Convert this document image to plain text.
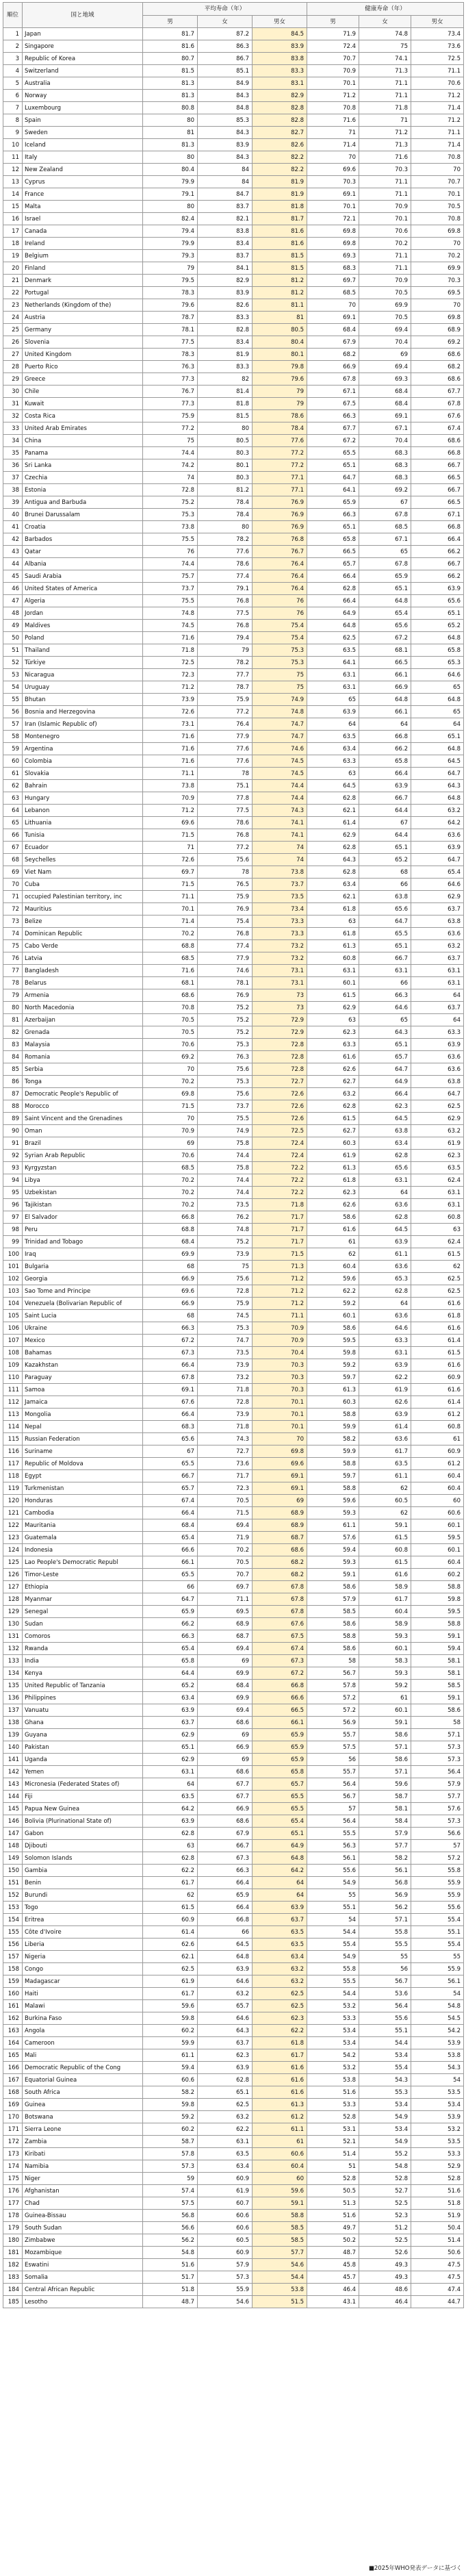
順位	国と地域	平均寿命（年）			健康寿命（年）		
		男	女	男女	男	女	男女
1	Japan	81.7	87.2	84.5	71.9	74.8	73.4
2	Singapore	81.6	86.3	83.9	72.4	75	73.6
3	Republic of Korea	80.7	86.7	83.8	70.7	74.1	72.5
4	Switzerland	81.5	85.1	83.3	70.9	71.3	71.1
5	Australia	81.3	84.9	83.1	70.1	71.1	70.6
6	Norway	81.3	84.3	82.9	71.2	71.1	71.2
7	Luxembourg	80.8	84.8	82.8	70.8	71.8	71.4
8	Spain	80	85.3	82.8	71.6	71	71.2
9	Sweden	81	84.3	82.7	71	71.2	71.1
10	Iceland	81.3	83.9	82.6	71.4	71.3	71.4
11	Italy	80	84.3	82.2	70	71.6	70.8
12	New Zealand	80.4	84	82.2	69.6	70.3	70
13	Cyprus	79.9	84	81.9	70.3	71.1	70.7
14	France	79.1	84.7	81.9	69.1	71.1	70.1
15	Malta	80	83.7	81.8	70.1	70.9	70.5
16	Israel	82.4	82.1	81.7	72.1	70.1	70.8
17	Canada	79.4	83.8	81.6	69.8	70.6	69.8
18	Ireland	79.9	83.4	81.6	69.8	70.2	70
19	Belgium	79.3	83.7	81.5	69.3	71.1	70.2
20	Finland	79	84.1	81.5	68.3	71.1	69.9
21	Denmark	79.5	82.9	81.2	69.7	70.9	70.3
22	Portugal	78.3	83.9	81.2	68.5	70.5	69.5
23	Netherlands (Kingdom of the)	79.6	82.6	81.1	70	69.9	70
24	Austria	78.7	83.3	81	69.1	70.5	69.8
25	Germany	78.1	82.8	80.5	68.4	69.4	68.9
26	Slovenia	77.5	83.4	80.4	67.9	70.4	69.2
27	United Kingdom	78.3	81.9	80.1	68.2	69	68.6
28	Puerto Rico	76.3	83.3	79.8	66.9	69.4	68.2
29	Greece	77.3	82	79.6	67.8	69.3	68.6
30	Chile	76.7	81.4	79	67.1	68.4	67.7
31	Kuwait	77.3	81.8	79	67.5	68.4	67.8
32	Costa Rica	75.9	81.5	78.6	66.3	69.1	67.6
33	United Arab Emirates	77.2	80	78.4	67.7	67.1	67.4
34	China	75	80.5	77.6	67.2	70.4	68.6
35	Panama	74.4	80.3	77.2	65.5	68.3	66.8
36	Sri Lanka	74.2	80.1	77.2	65.1	68.3	66.7
37	Czechia	74	80.3	77.1	64.7	68.3	66.5
38	Estonia	72.8	81.2	77.1	64.1	69.2	66.7
39	Antigua and Barbuda	75.2	78.4	76.9	65.9	67	66.5
40	Brunei Darussalam	75.3	78.4	76.9	66.3	67.8	67.1
41	Croatia	73.8	80	76.9	65.1	68.5	66.8
42	Barbados	75.5	78.2	76.8	65.8	67.1	66.4
43	Qatar	76	77.6	76.7	66.5	65	66.2
44	Albania	74.4	78.6	76.4	65.7	67.8	66.7
45	Saudi Arabia	75.7	77.4	76.4	66.4	65.9	66.2
46	United States of America	73.7	79.1	76.4	62.8	65.1	63.9
47	Algeria	75.5	76.8	76	66.4	64.8	65.6
48	Jordan	74.8	77.5	76	64.9	65.4	65.1
49	Maldives	74.5	76.8	75.4	64.8	65.6	65.2
50	Poland	71.6	79.4	75.4	62.5	67.2	64.8
51	Thailand	71.8	79	75.3	63.5	68.1	65.8
52	Türkiye	72.5	78.2	75.3	64.1	66.5	65.3
53	Nicaragua	72.3	77.7	75	63.1	66.1	64.6
54	Uruguay	71.2	78.7	75	63.1	66.9	65
55	Bhutan	73.9	75.9	74.9	65	64.8	64.8
56	Bosnia and Herzegovina	72.6	77.2	74.8	63.9	66.1	65
57	Iran (Islamic Republic of)	73.1	76.4	74.7	64	64	64
58	Montenegro	71.6	77.9	74.7	63.5	66.8	65.1
59	Argentina	71.6	77.6	74.6	63.4	66.2	64.8
60	Colombia	71.6	77.6	74.5	63.3	65.8	64.5
61	Slovakia	71.1	78	74.5	63	66.4	64.7
62	Bahrain	73.8	75.1	74.4	64.5	63.9	64.3
63	Hungary	70.9	77.8	74.4	62.8	66.7	64.8
64	Lebanon	71.2	77.5	74.3	62.1	64.4	63.2
65	Lithuania	69.6	78.6	74.1	61.4	67	64.2
66	Tunisia	71.5	76.8	74.1	62.9	64.4	63.6
67	Ecuador	71	77.2	74	62.8	65.1	63.9
68	Seychelles	72.6	75.6	74	64.3	65.2	64.7
69	Viet Nam	69.7	78	73.8	62.8	68	65.4
70	Cuba	71.5	76.5	73.7	63.4	66	64.6
71	occupied Palestinian territory, inc	71.1	75.9	73.5	62.1	63.8	62.9
72	Mauritius	70.1	76.9	73.4	61.8	65.6	63.7
73	Belize	71.4	75.4	73.3	63	64.7	63.8
74	Dominican Republic	70.2	76.8	73.3	61.8	65.5	63.6
75	Cabo Verde	68.8	77.4	73.2	61.3	65.1	63.2
76	Latvia	68.5	77.9	73.2	60.8	66.7	63.7
77	Bangladesh	71.6	74.6	73.1	63.1	63.1	63.1
78	Belarus	68.1	78.1	73.1	60.1	66	63.1
79	Armenia	68.6	76.9	73	61.5	66.3	64
80	North Macedonia	70.8	75.2	73	62.9	64.6	63.7
81	Azerbaijan	70.5	75.2	72.9	63	65	64
82	Grenada	70.5	75.2	72.9	62.3	64.3	63.3
83	Malaysia	70.6	75.3	72.8	63.3	65.1	63.9
84	Romania	69.2	76.3	72.8	61.6	65.7	63.6
85	Serbia	70	75.6	72.8	62.6	64.7	63.6
86	Tonga	70.2	75.3	72.7	62.7	64.9	63.8
87	Democratic People's Republic of	69.8	75.6	72.6	63.2	66.4	64.7
88	Morocco	71.5	73.7	72.6	62.8	62.3	62.5
89	Saint Vincent and the Grenadines	70	75.5	72.6	61.5	64.5	62.9
90	Oman	70.9	74.9	72.5	62.7	63.8	63.2
91	Brazil	69	75.8	72.4	60.3	63.4	61.9
92	Syrian Arab Republic	70.6	74.4	72.4	61.9	62.8	62.3
93	Kyrgyzstan	68.5	75.8	72.2	61.3	65.6	63.5
94	Libya	70.2	74.4	72.2	61.8	63.1	62.4
95	Uzbekistan	70.2	74.4	72.2	62.3	64	63.1
96	Tajikistan	70.2	73.5	71.8	62.6	63.6	63.1
97	El Salvador	66.8	76.2	71.7	58.6	62.8	60.8
98	Peru	68.8	74.8	71.7	61.6	64.5	63
99	Trinidad and Tobago	68.4	75.2	71.7	61	63.9	62.4
100	Iraq	69.9	73.9	71.5	62	61.1	61.5
101	Bulgaria	68	75	71.3	60.4	63.6	62
102	Georgia	66.9	75.6	71.2	59.6	65.3	62.5
103	Sao Tome and Principe	69.6	72.8	71.2	62.2	62.8	62.5
104	Venezuela (Bolivarian Republic of	66.9	75.9	71.2	59.2	64	61.6
105	Saint Lucia	68	74.5	71.1	60.1	63.6	61.8
106	Ukraine	66.3	75.3	70.9	58.6	64.6	61.6
107	Mexico	67.2	74.7	70.9	59.5	63.3	61.4
108	Bahamas	67.3	73.5	70.4	59.8	63.1	61.5
109	Kazakhstan	66.4	73.9	70.3	59.2	63.9	61.6
110	Paraguay	67.8	73.2	70.3	59.7	62.2	60.9
111	Samoa	69.1	71.8	70.3	61.3	61.9	61.6
112	Jamaica	67.6	72.8	70.1	60.3	62.6	61.4
113	Mongolia	66.4	73.9	70.1	58.8	63.9	61.2
114	Nepal	68.3	71.8	70.1	59.9	61.4	60.8
115	Russian Federation	65.6	74.3	70	58.2	63.6	61
116	Suriname	67	72.7	69.8	59.9	61.7	60.9
117	Republic of Moldova	65.5	73.6	69.6	58.8	63.5	61.2
118	Egypt	66.7	71.7	69.1	59.7	61.1	60.4
119	Turkmenistan	65.7	72.3	69.1	58.8	62	60.4
120	Honduras	67.4	70.5	69	59.6	60.5	60
121	Cambodia	66.4	71.5	68.9	59.3	62	60.6
122	Mauritania	68.4	69.4	68.9	61.1	59.1	60.1
123	Guatemala	65.4	71.9	68.7	57.6	61.5	59.5
124	Indonesia	66.6	70.2	68.6	59.4	60.8	60.1
125	Lao People's Democratic Republ	66.1	70.5	68.2	59.3	61.5	60.4
126	Timor-Leste	65.5	70.7	68.2	59.1	61.6	60.2
127	Ethiopia	66	69.7	67.8	58.6	58.9	58.8
128	Myanmar	64.7	71.1	67.8	57.9	61.7	59.8
129	Senegal	65.9	69.5	67.8	58.5	60.4	59.5
130	Sudan	66.2	68.9	67.6	58.6	58.9	58.8
131	Comoros	66.3	68.7	67.5	58.8	59.3	59.1
132	Rwanda	65.4	69.4	67.4	58.6	60.1	59.4
133	India	65.8	69	67.3	58	58.3	58.1
134	Kenya	64.4	69.9	67.2	56.7	59.3	58.1
135	United Republic of Tanzania	65.2	68.4	66.8	57.8	59.2	58.5
136	Philippines	63.4	69.9	66.6	57.2	61	59.1
137	Vanuatu	63.9	69.4	66.5	57.2	60.1	58.6
138	Ghana	63.7	68.6	66.1	56.9	59.1	58
139	Guyana	62.9	69	65.9	55.7	58.6	57.1
140	Pakistan	65.1	66.9	65.9	57.5	57.1	57.3
141	Uganda	62.9	69	65.9	56	58.6	57.3
142	Yemen	63.1	68.6	65.8	55.7	57.1	56.4
143	Micronesia (Federated States of)	64	67.7	65.7	56.4	59.6	57.9
144	Fiji	63.5	67.7	65.5	56.7	58.7	57.7
145	Papua New Guinea	64.2	66.9	65.5	57	58.1	57.6
146	Bolivia (Plurinational State of)	63.9	68.6	65.4	56.4	58.4	57.3
147	Gabon	62.8	67.9	65.1	55.5	57.9	56.6
148	Djibouti	63	66.7	64.9	56.3	57.7	57
149	Solomon Islands	62.8	67.3	64.8	56.1	58.2	57.2
150	Gambia	62.2	66.3	64.2	55.6	56.1	55.8
151	Benin	61.7	66.4	64	54.9	56.8	55.9
152	Burundi	62	65.9	64	55	56.9	55.9
153	Togo	61.5	66.4	63.9	55.1	56.2	55.6
154	Eritrea	60.9	66.8	63.7	54	57.1	55.4
155	Côte d'Ivoire	61.4	66	63.5	54.4	55.8	55.1
156	Liberia	62.6	64.5	63.5	55.4	55.5	55.4
157	Nigeria	62.1	64.8	63.4	54.9	55	55
158	Congo	62.5	63.9	63.2	55.8	56	55.9
159	Madagascar	61.9	64.6	63.2	55.5	56.7	56.1
160	Haiti	61.7	63.2	62.5	54.4	53.6	54
161	Malawi	59.6	65.7	62.5	53.2	56.4	54.8
162	Burkina Faso	59.8	64.6	62.3	53.3	55.6	54.5
163	Angola	60.2	64.3	62.2	53.4	55.1	54.2
164	Cameroon	59.9	63.7	61.8	53.4	54.4	53.9
165	Mali	61.1	62.3	61.7	54.2	53.4	53.8
166	Democratic Republic of the Cong	59.4	63.9	61.6	53.2	55.4	54.3
167	Equatorial Guinea	60.6	62.8	61.6	53.8	54.3	54
168	South Africa	58.2	65.1	61.6	51.6	55.3	53.5
169	Guinea	59.8	62.5	61.3	53.3	53.4	53.4
170	Botswana	59.2	63.2	61.2	52.8	54.9	53.9
171	Sierra Leone	60.2	62.2	61.1	53.1	53.4	53.2
172	Zambia	58.7	63.1	61	52.1	54.9	53.5
173	Kiribati	57.8	63.5	60.6	51.4	55.2	53.3
174	Namibia	57.3	63.4	60.4	51	54.8	52.9
175	Niger	59	60.9	60	52.8	52.8	52.8
176	Afghanistan	57.4	61.9	59.6	50.5	52.7	51.6
177	Chad	57.5	60.7	59.1	51.3	52.5	51.8
178	Guinea-Bissau	56.8	60.6	58.8	51.6	52.3	51.9
179	South Sudan	56.6	60.6	58.5	49.7	51.2	50.4
180	Zimbabwe	56.2	60.5	58.5	50.2	52.5	51.4
181	Mozambique	54.8	60.9	57.7	48.7	52.6	50.6
182	Eswatini	51.6	57.9	54.6	45.8	49.3	47.5
183	Somalia	51.7	57.3	54.4	45.7	49.3	47.5
184	Central African Republic	51.8	55.9	53.8	46.4	48.6	47.4
185	Lesotho	48.7	54.6	51.5	43.1	46.4	44.7
■2025年WHO発表データに基づく
